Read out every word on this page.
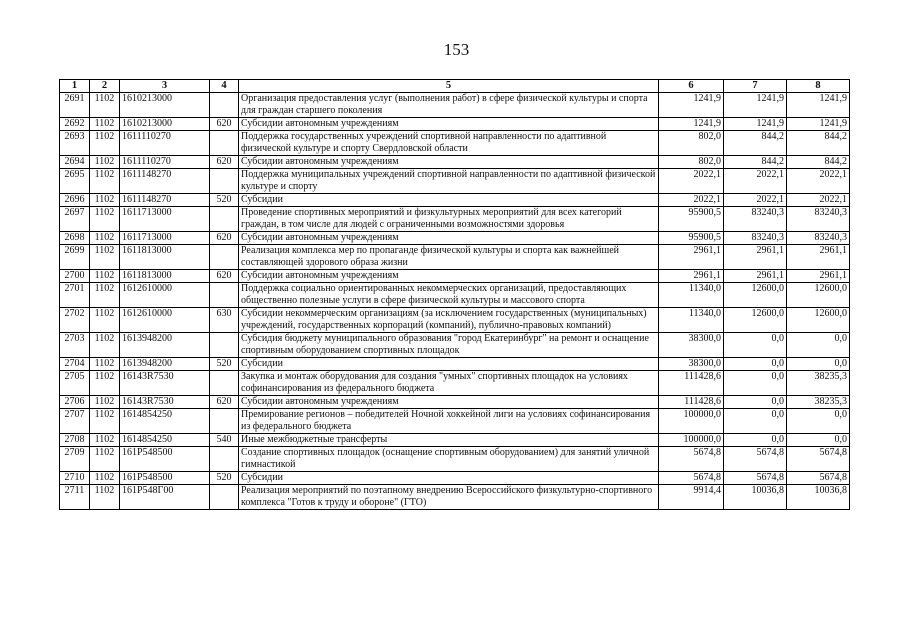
153
1	2	3	4	5	6	7	8
2691	1102	1610213000		Организация предоставления услуг (выполнения работ) в сфере физической культуры и спорта для граждан старшего поколения	1241,9	1241,9	1241,9
2692	1102	1610213000	620	Субсидии автономным учреждениям	1241,9	1241,9	1241,9
2693	1102	1611110270		Поддержка государственных учреждений спортивной направленности по адаптивной физической культуре и спорту Свердловской области	802,0	844,2	844,2
2694	1102	1611110270	620	Субсидии автономным учреждениям	802,0	844,2	844,2
2695	1102	1611148270		Поддержка муниципальных учреждений спортивной направленности по адаптивной физической культуре и спорту	2022,1	2022,1	2022,1
2696	1102	1611148270	520	Субсидии	2022,1	2022,1	2022,1
2697	1102	1611713000		Проведение спортивных мероприятий и физкультурных мероприятий для всех категорий граждан, в том числе для людей с ограниченными возможностями здоровья	95900,5	83240,3	83240,3
2698	1102	1611713000	620	Субсидии автономным учреждениям	95900,5	83240,3	83240,3
2699	1102	1611813000		Реализация комплекса мер по пропаганде физической культуры и спорта как важнейшей составляющей здорового образа жизни	2961,1	2961,1	2961,1
2700	1102	1611813000	620	Субсидии автономным учреждениям	2961,1	2961,1	2961,1
2701	1102	1612610000		Поддержка социально ориентированных некоммерческих организаций, предоставляющих общественно полезные услуги в сфере физической культуры и массового спорта	11340,0	12600,0	12600,0
2702	1102	1612610000	630	Субсидии некоммерческим организациям (за исключением государственных (муниципальных) учреждений, государственных корпораций (компаний), публично-правовых компаний)	11340,0	12600,0	12600,0
2703	1102	1613948200		Субсидия бюджету муниципального образования "город Екатеринбург" на ремонт и оснащение спортивным оборудованием спортивных площадок	38300,0	0,0	0,0
2704	1102	1613948200	520	Субсидии	38300,0	0,0	0,0
2705	1102	16143R7530		Закупка и монтаж оборудования для создания "умных" спортивных площадок на условиях софинансирования из федерального бюджета	111428,6	0,0	38235,3
2706	1102	16143R7530	620	Субсидии автономным учреждениям	111428,6	0,0	38235,3
2707	1102	1614854250		Премирование регионов – победителей Ночной хоккейной лиги на условиях софинансирования из федерального бюджета	100000,0	0,0	0,0
2708	1102	1614854250	540	Иные межбюджетные трансферты	100000,0	0,0	0,0
2709	1102	161P548500		Создание спортивных площадок (оснащение спортивным оборудованием) для занятий уличной гимнастикой	5674,8	5674,8	5674,8
2710	1102	161P548500	520	Субсидии	5674,8	5674,8	5674,8
2711	1102	161P548Г00		Реализация мероприятий по поэтапному внедрению Всероссийского физкультурно-спортивного комплекса "Готов к труду и обороне" (ГТО)	9914,4	10036,8	10036,8
